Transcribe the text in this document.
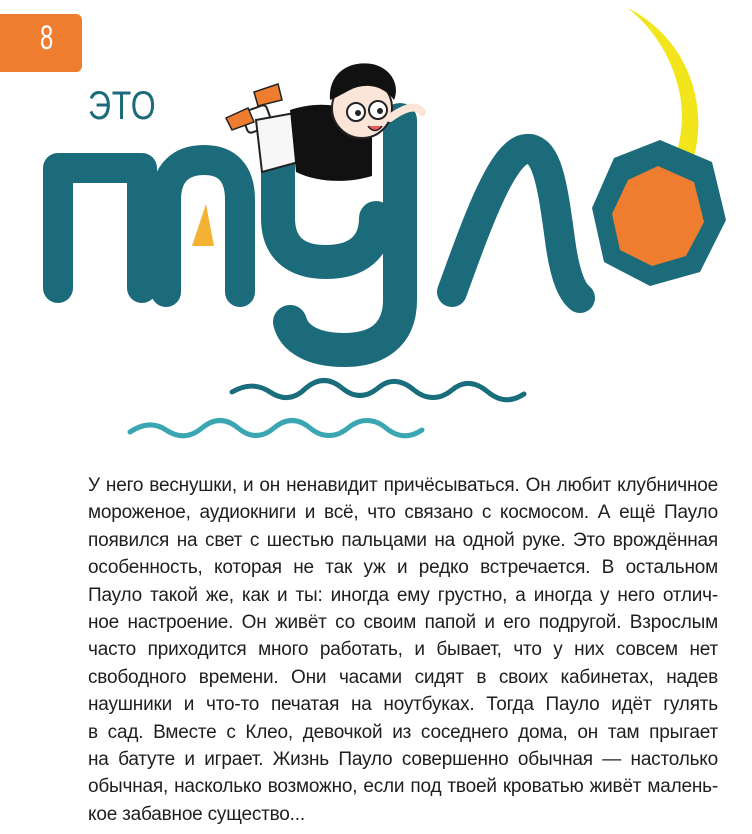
8
ЭТО
У него веснушки, и он ненавидит причёсываться. Он любит клубничное
мороженое, аудиокниги и всё, что связано с космосом. А ещё Пауло
появился на свет с шестью пальцами на одной руке. Это врождённая
особенность, которая не так уж и редко встречается. В остальном
Пауло такой же, как и ты: иногда ему грустно, а иногда у него отлич-
ное настроение. Он живёт со своим папой и его подругой. Взрослым
часто приходится много работать, и бывает, что у них совсем нет
свободного времени. Они часами сидят в своих кабинетах, надев
наушники и что-то печатая на ноутбуках. Тогда Пауло идёт гулять
в сад. Вместе с Клео, девочкой из соседнего дома, он там прыгает
на батуте и играет. Жизнь Пауло совершенно обычная — настолько
обычная, насколько возможно, если под твоей кроватью живёт малень-
кое забавное существо...
